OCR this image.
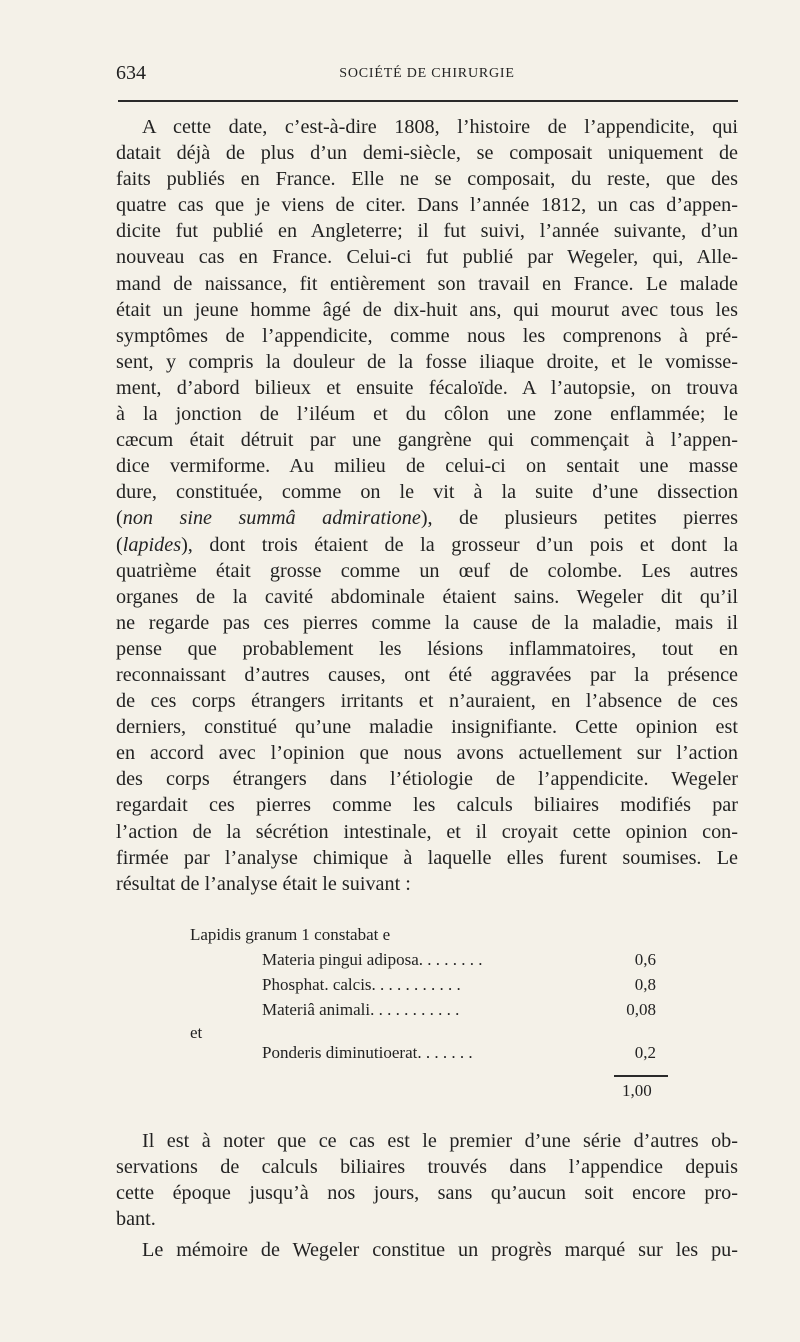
634	SOCIÉTÉ DE CHIRURGIE
A cette date, c’est-à-dire 1808, l’histoire de l’appendicite, qui
datait déjà de plus d’un demi-siècle, se composait uniquement de
faits publiés en France. Elle ne se composait, du reste, que des
quatre cas que je viens de citer. Dans l’année 1812, un cas d’appen-
dicite fut publié en Angleterre; il fut suivi, l’année suivante, d’un
nouveau cas en France. Celui-ci fut publié par Wegeler, qui, Alle-
mand de naissance, fit entièrement son travail en France. Le malade
était un jeune homme âgé de dix-huit ans, qui mourut avec tous les
symptômes de l’appendicite, comme nous les comprenons à pré-
sent, y compris la douleur de la fosse iliaque droite, et le vomisse-
ment, d’abord bilieux et ensuite fécaloïde. A l’autopsie, on trouva
à la jonction de l’iléum et du côlon une zone enflammée; le
cæcum était détruit par une gangrène qui commençait à l’appen-
dice vermiforme. Au milieu de celui-ci on sentait une masse
dure, constituée, comme on le vit à la suite d’une dissection
(non sine summâ admiratione), de plusieurs petites pierres
(lapides), dont trois étaient de la grosseur d’un pois et dont la
quatrième était grosse comme un œuf de colombe. Les autres
organes de la cavité abdominale étaient sains. Wegeler dit qu’il
ne regarde pas ces pierres comme la cause de la maladie, mais il
pense que probablement les lésions inflammatoires, tout en
reconnaissant d’autres causes, ont été aggravées par la présence
de ces corps étrangers irritants et n’auraient, en l’absence de ces
derniers, constitué qu’une maladie insignifiante. Cette opinion est
en accord avec l’opinion que nous avons actuellement sur l’action
des corps étrangers dans l’étiologie de l’appendicite. Wegeler
regardait ces pierres comme les calculs biliaires modifiés par
l’action de la sécrétion intestinale, et il croyait cette opinion con-
firmée par l’analyse chimique à laquelle elles furent soumises. Le
résultat de l’analyse était le suivant :
Lapidis granum 1 constabat e
Materia pingui adiposa. . . . . . . .	0,6
Phosphat. calcis. . . . . . . . . . .	0,8
Materiâ animali. . . . . . . . . . .	0,08
et
Ponderis diminutioerat. . . . . . .	0,2
1,00
Il est à noter que ce cas est le premier d’une série d’autres ob-
servations de calculs biliaires trouvés dans l’appendice depuis
cette époque jusqu’à nos jours, sans qu’aucun soit encore pro-
bant.
Le mémoire de Wegeler constitue un progrès marqué sur les pu-
